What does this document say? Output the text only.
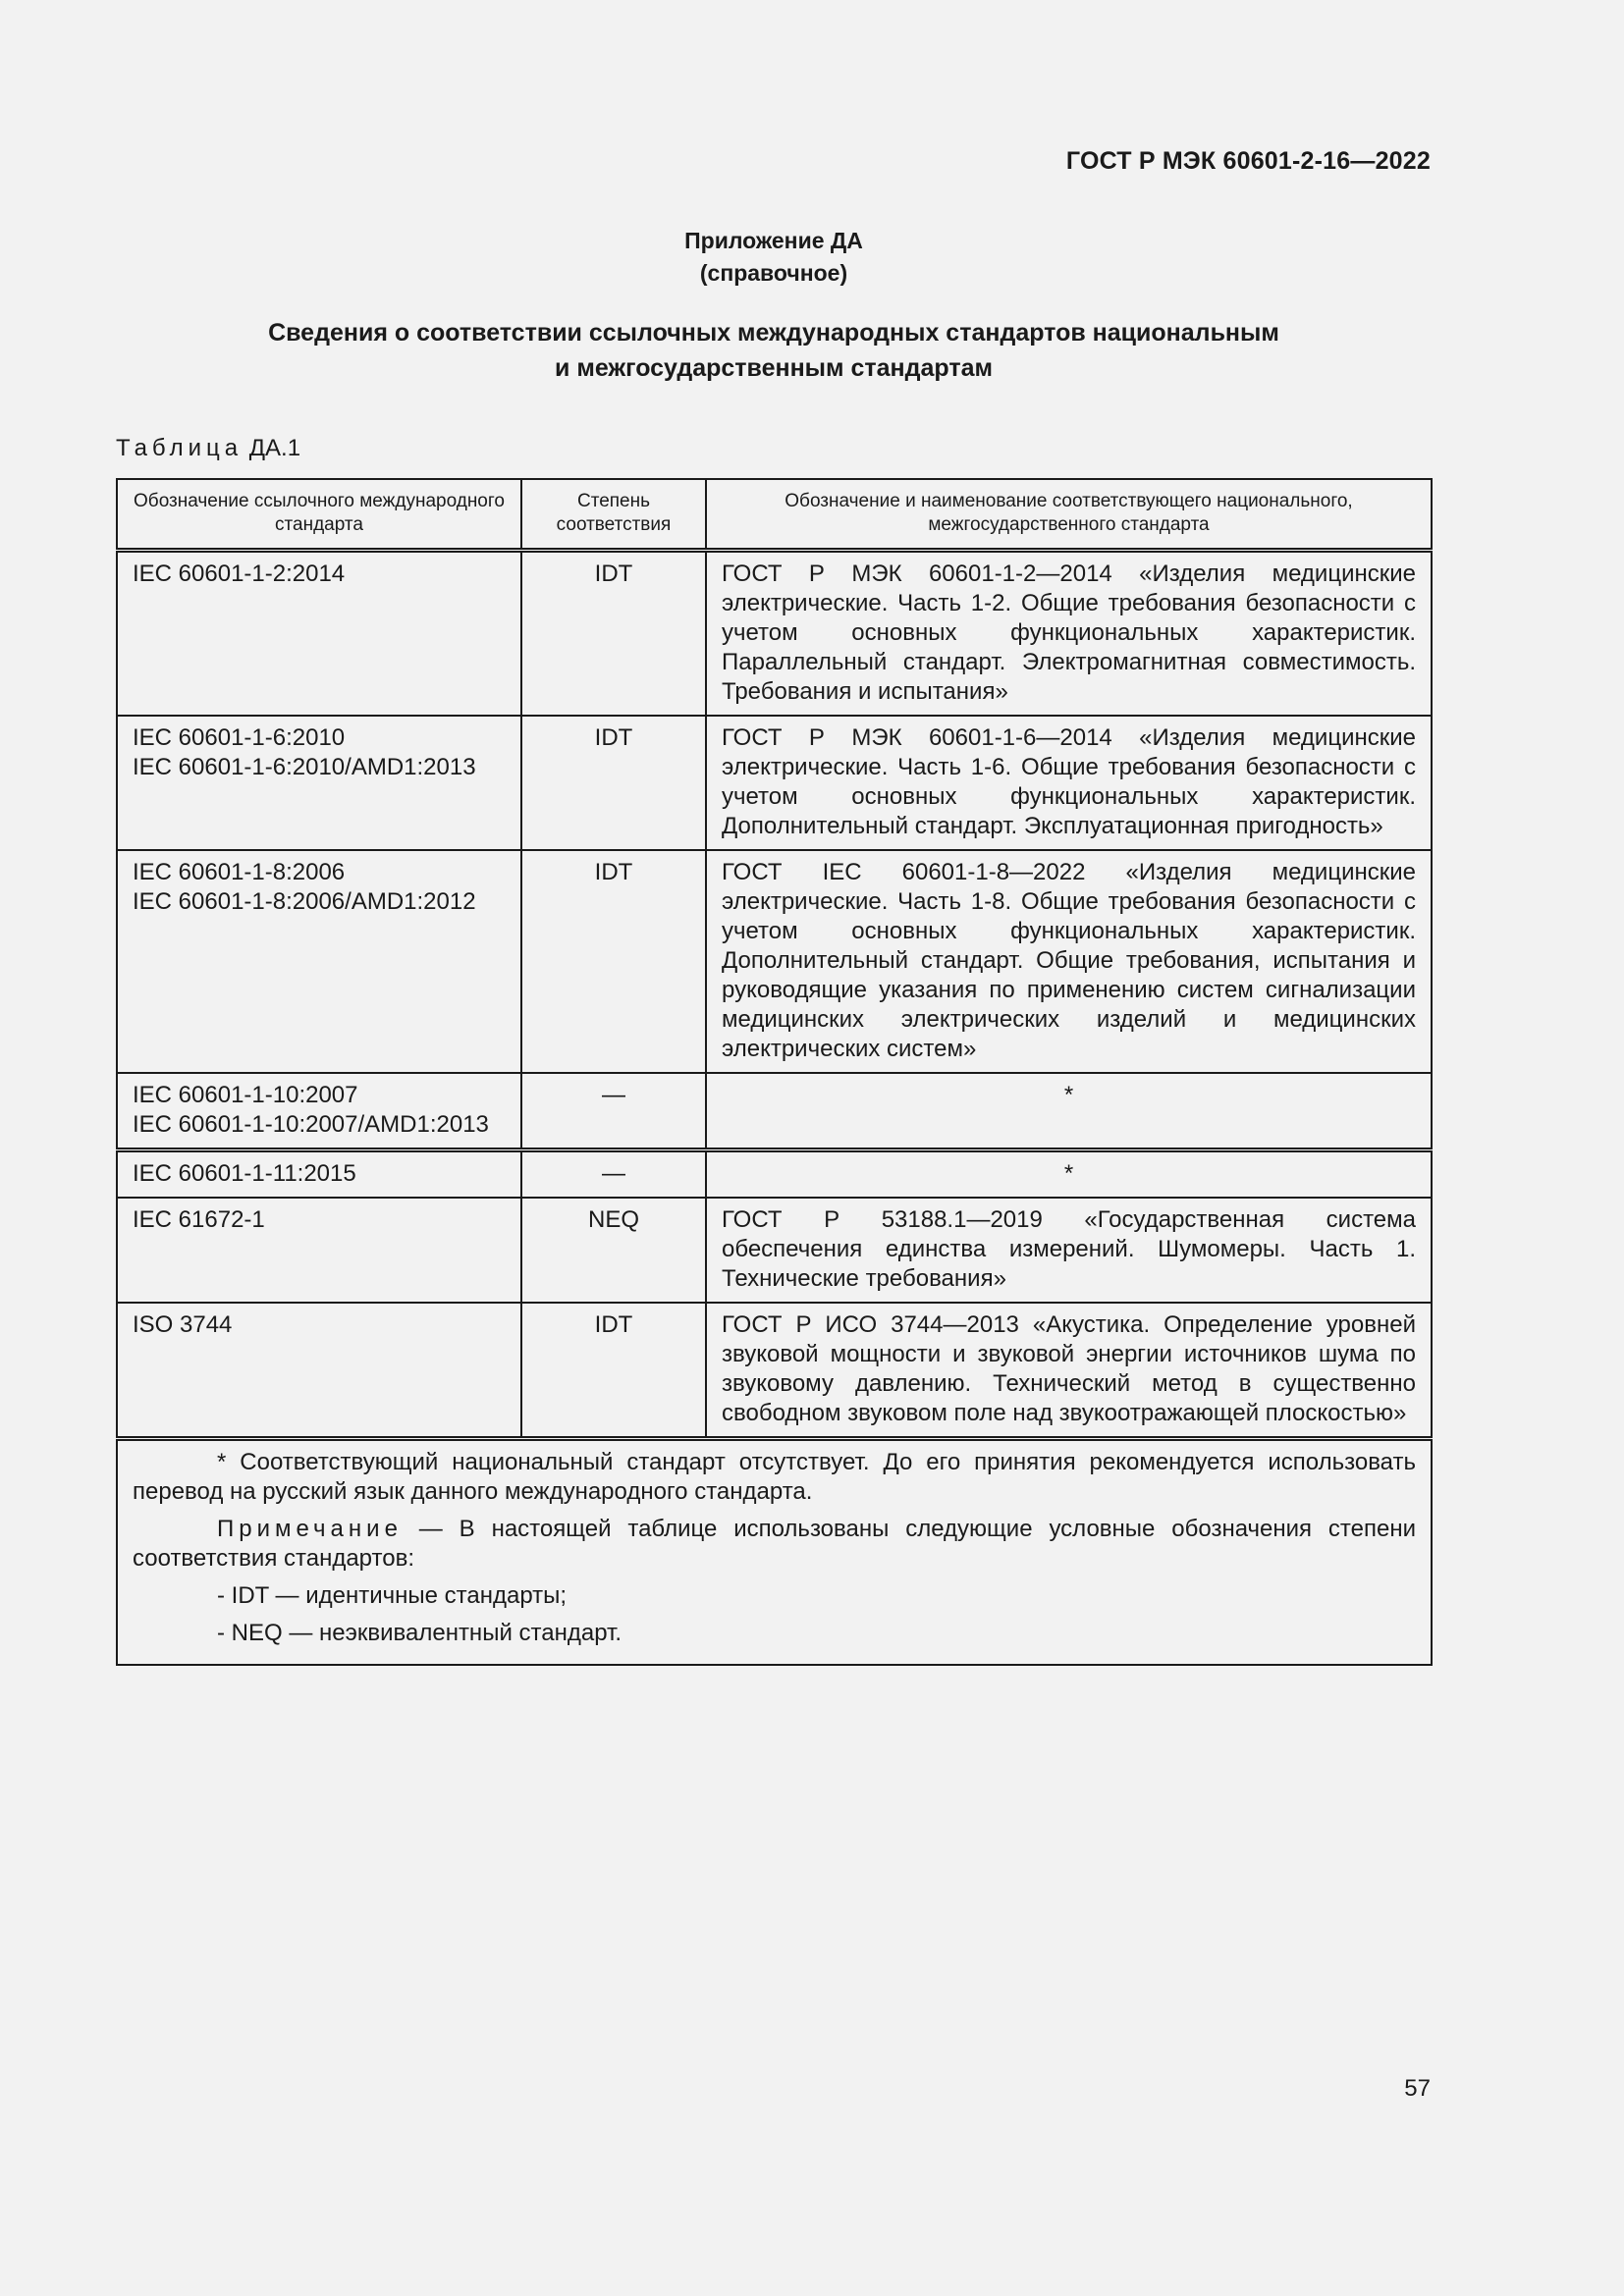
ГОСТ Р МЭК 60601-2-16—2022
Приложение ДА
(справочное)
Сведения о соответствии ссылочных международных стандартов национальным
и межгосударственным стандартам
Таблица ДА.1
Обозначение ссылочного международного стандарта	Степень соответствия	Обозначение и наименование соответствующего национального, межгосударственного стандарта

IEC 60601-1-2:2014	IDT	ГОСТ Р МЭК 60601-1-2—2014 «Изделия медицинские электрические. Часть 1-2. Общие требования безопасности с учетом основных функциональных характеристик. Параллельный стандарт. Электромагнитная совместимость. Требования и испытания»

IEC 60601-1-6:2010
IEC 60601-1-6:2010/AMD1:2013	IDT	ГОСТ Р МЭК 60601-1-6—2014 «Изделия медицинские электрические. Часть 1-6. Общие требования безопасности с учетом основных функциональных характеристик. Дополнительный стандарт. Эксплуатационная пригодность»

IEC 60601-1-8:2006
IEC 60601-1-8:2006/AMD1:2012	IDT	ГОСТ IEC 60601-1-8—2022 «Изделия медицинские электрические. Часть 1-8. Общие требования безопасности с учетом основных функциональных характеристик. Дополнительный стандарт. Общие требования, испытания и руководящие указания по применению систем сигнализации медицинских электрических изделий и медицинских электрических систем»

IEC 60601-1-10:2007
IEC 60601-1-10:2007/AMD1:2013	—	*

IEC 60601-1-11:2015	—	*

IEC 61672-1	NEQ	ГОСТ Р 53188.1—2019 «Государственная система обеспечения единства измерений. Шумомеры. Часть 1. Технические требования»

ISO 3744	IDT	ГОСТ Р ИСО 3744—2013 «Акустика. Определение уровней звуковой мощности и звуковой энергии источников шума по звуковому давлению. Технический метод в существенно свободном звуковом поле над звукоотражающей плоскостью»

* Соответствующий национальный стандарт отсутствует. До его принятия рекомендуется использовать перевод на русский язык данного международного стандарта.

Примечание — В настоящей таблице использованы следующие условные обозначения степени соответствия стандартов:

- IDT — идентичные стандарты;

- NEQ — неэквивалентный стандарт.		

57
